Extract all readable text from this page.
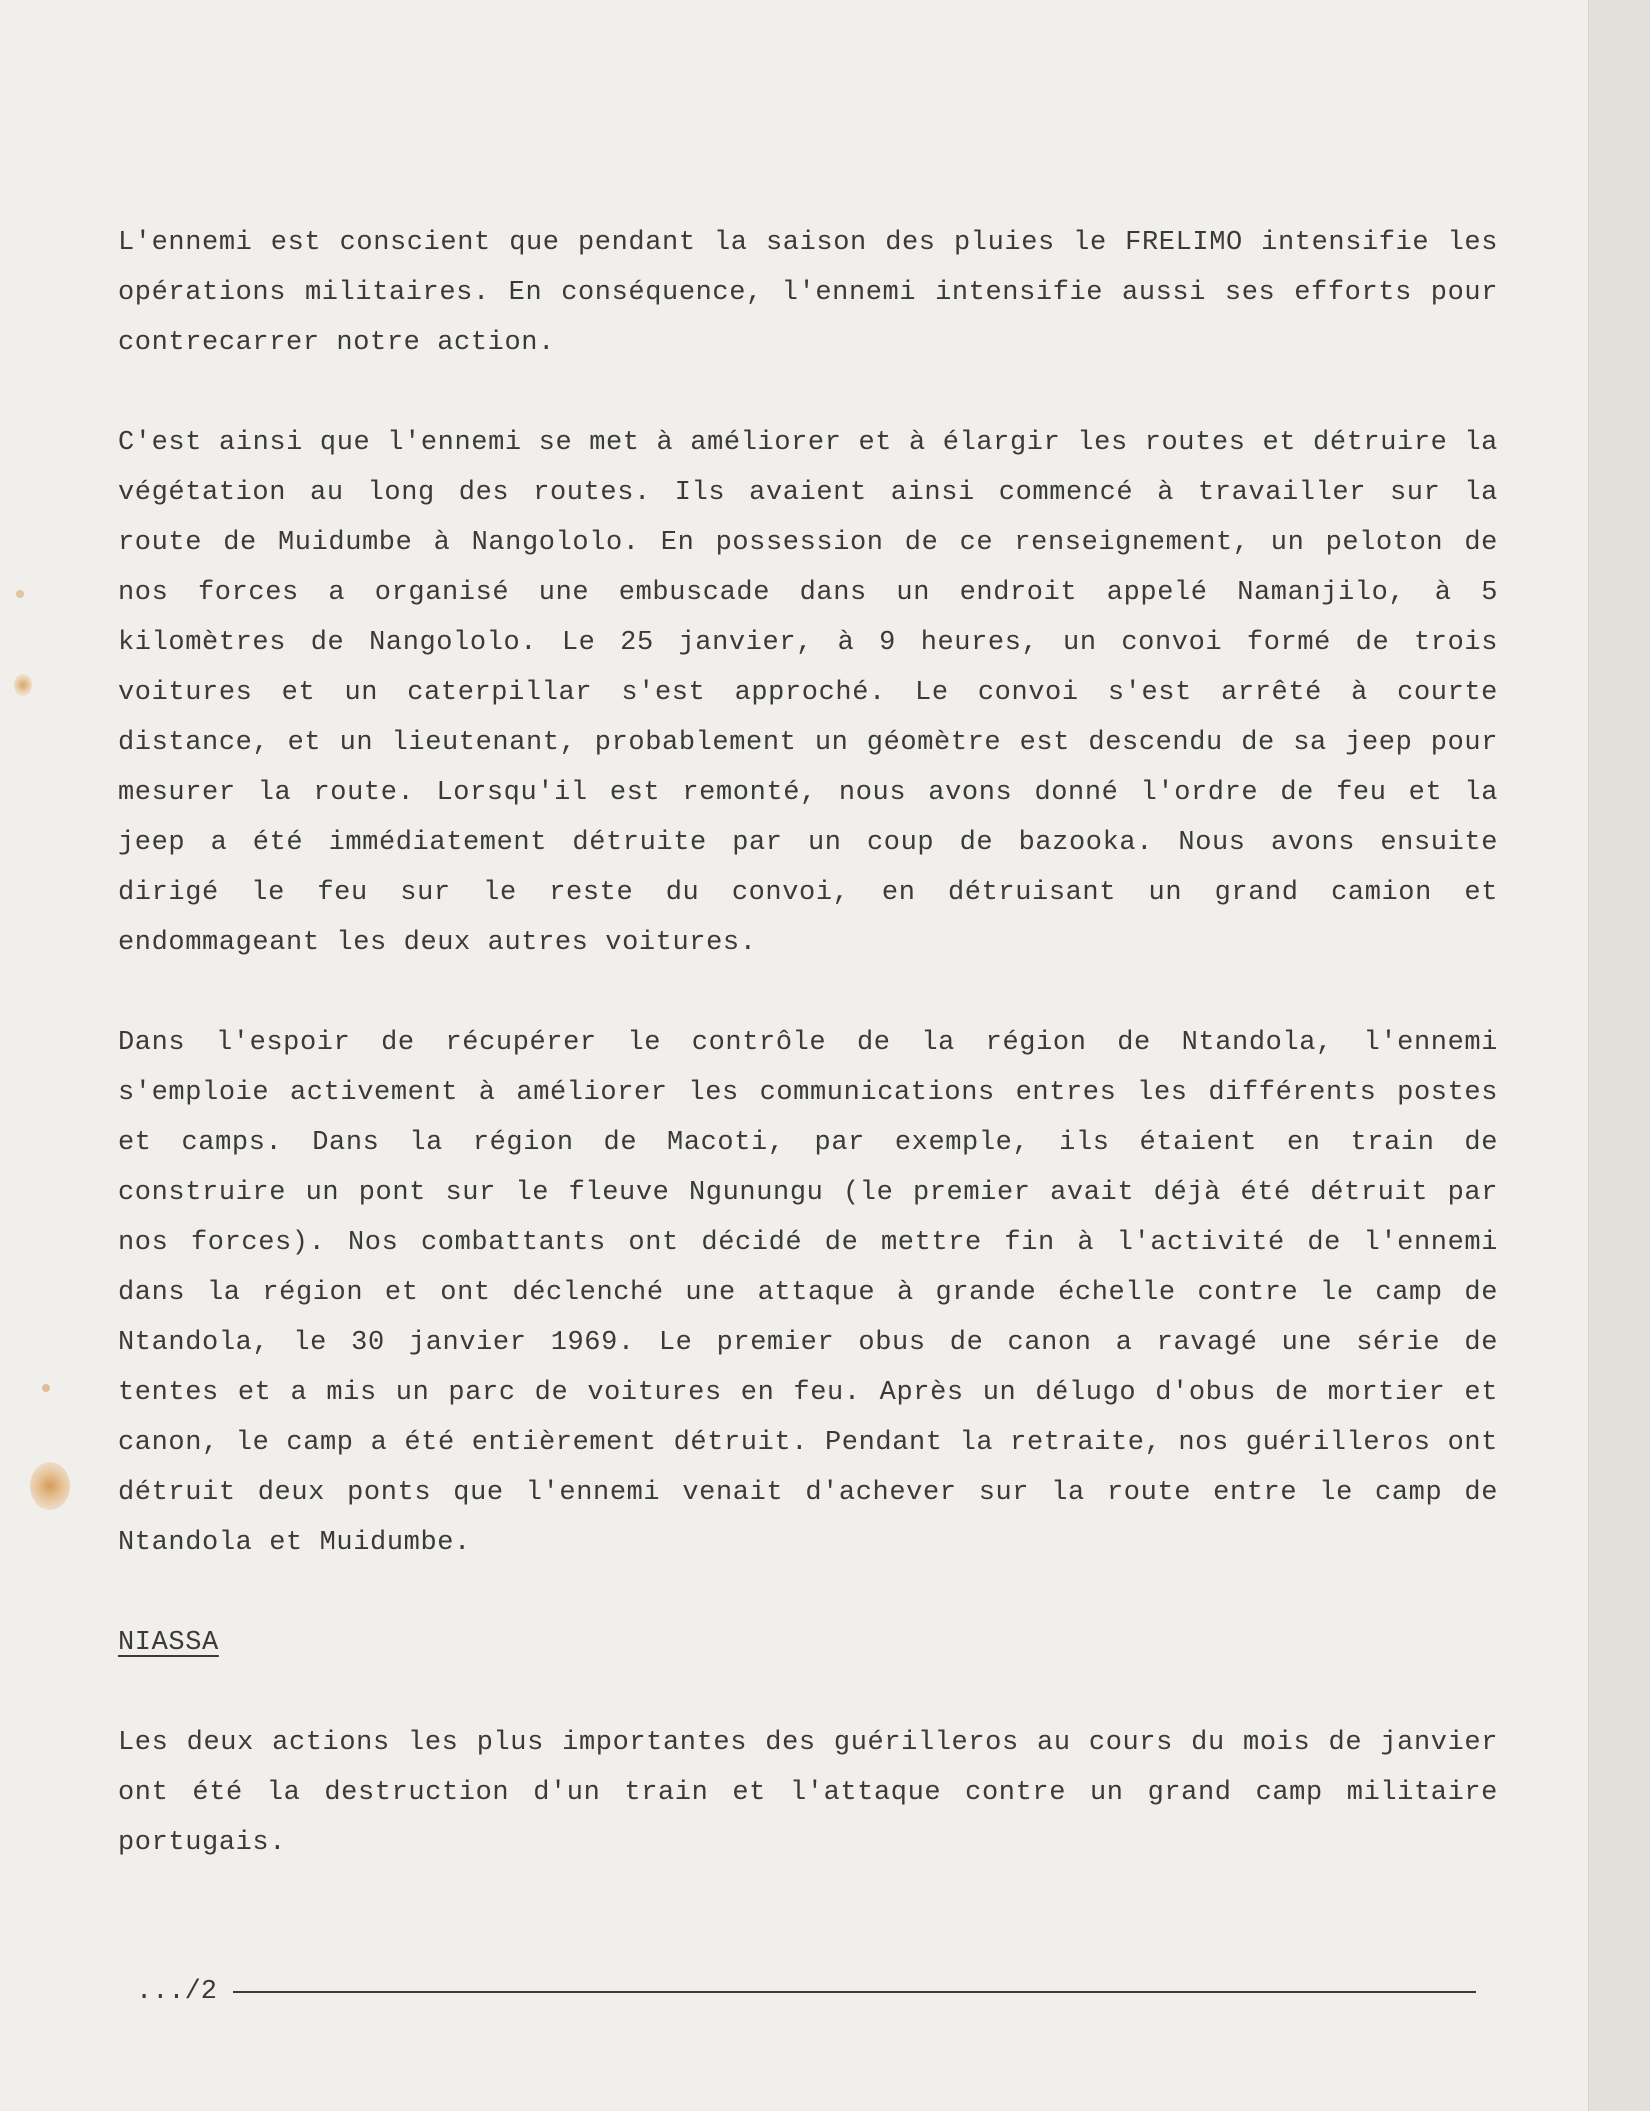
L'ennemi est conscient que pendant la saison des pluies le FRELIMO intensifie les opérations militaires. En conséquence, l'ennemi intensifie aussi ses efforts pour contrecarrer notre action.

C'est ainsi que l'ennemi se met à améliorer et à élargir les routes et détruire la végétation au long des routes. Ils avaient ainsi commencé à travailler sur la route de Muidumbe à Nangololo. En possession de ce renseignement, un peloton de nos forces a organisé une embuscade dans un endroit appelé Namanjilo, à 5 kilomètres de Nangololo. Le 25 janvier, à 9 heures, un convoi formé de trois voitures et un caterpillar s'est approché. Le convoi s'est arrêté à courte distance, et un lieutenant, probablement un géomètre est descendu de sa jeep pour mesurer la route. Lorsqu'il est remonté, nous avons donné l'ordre de feu et la jeep a été immédiatement détruite par un coup de bazooka. Nous avons ensuite dirigé le feu sur le reste du convoi, en détruisant un grand camion et endommageant les deux autres voitures.

Dans l'espoir de récupérer le contrôle de la région de Ntandola, l'ennemi s'emploie activement à améliorer les communications entres les différents postes et camps. Dans la région de Macoti, par exemple, ils étaient en train de construire un pont sur le fleuve Ngunungu (le premier avait déjà été détruit par nos forces). Nos combattants ont décidé de mettre fin à l'activité de l'ennemi dans la région et ont déclenché une attaque à grande échelle contre le camp de Ntandola, le 30 janvier 1969. Le premier obus de canon a ravagé une série de tentes et a mis un parc de voitures en feu. Après un délugo d'obus de mortier et canon, le camp a été entièrement détruit. Pendant la retraite, nos guérilleros ont détruit deux ponts que l'ennemi venait d'achever sur la route entre le camp de Ntandola et Muidumbe.

NIASSA

Les deux actions les plus importantes des guérilleros au cours du mois de janvier ont été la destruction d'un train et l'attaque contre un grand camp militaire portugais.

.../2
